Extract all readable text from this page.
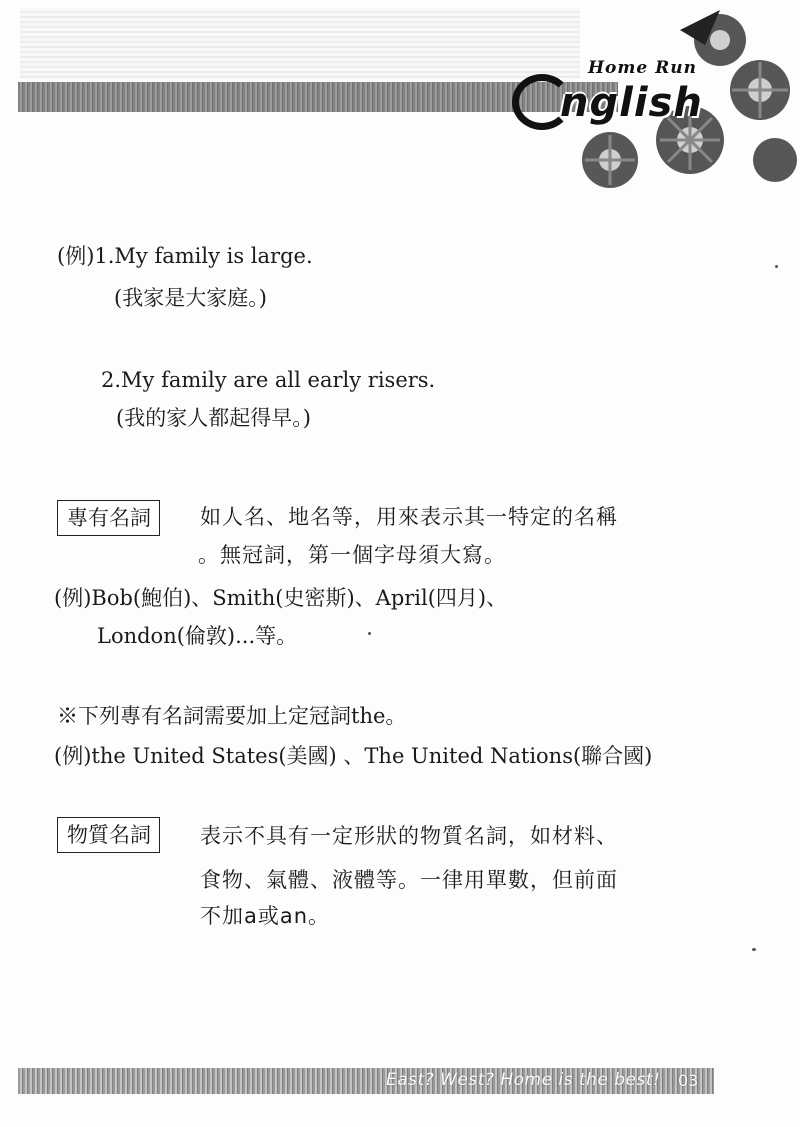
Home Run
nglish
(例)1.My family is large.
(我家是大家庭。)
2.My family are all early risers.
(我的家人都起得早。)
專有名詞	如人名、地名等，用來表示其一特定的名稱
。無冠詞，第一個字母須大寫。
(例)Bob(鮑伯)、Smith(史密斯)、April(四月)、
London(倫敦)...等。
※下列專有名詞需要加上定冠詞the。
(例)the United States(美國) 、The United Nations(聯合國)
物質名詞	表示不具有一定形狀的物質名詞，如材料、
食物、氣體、液體等。一律用單數，但前面
不加a或an。
East? West? Home is the best! 03
